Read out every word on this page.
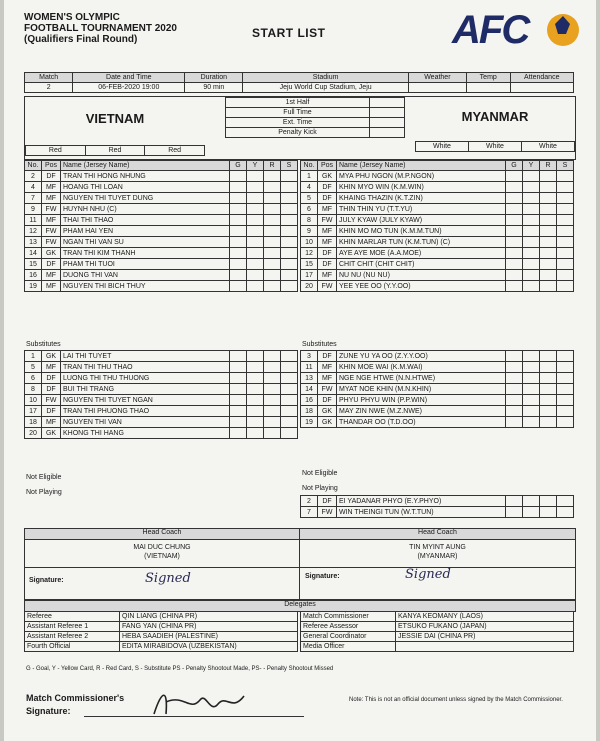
WOMEN'S OLYMPIC
FOOTBALL TOURNAMENT 2020
(Qualifiers Final Round)	START LIST	AFC
Match	Date and Time	Duration	Stadium	Weather	Temp	Attendance
2	06-FEB-2020 19:00	90 min	Jeju World Cup Stadium, Jeju			
VIETNAM	MYANMAR
1st Half	
Full Time	
Ext. Time	
Penalty Kick	
Red	Red	Red
White	White	White
No.	Pos	Name (Jersey Name)	G	Y	R	S
2	DF	TRAN THI HONG NHUNG				
4	MF	HOANG THI LOAN				
7	MF	NGUYEN THI TUYET DUNG				
9	FW	HUYNH NHU (C)				
11	MF	THAI THI THAO				
12	FW	PHAM HAI YEN				
13	FW	NGAN THI VAN SU				
14	GK	TRAN THI KIM THANH				
15	DF	PHAM THI TUOI				
16	MF	DUONG THI VAN				
19	MF	NGUYEN THI BICH THUY				
No.	Pos	Name (Jersey Name)	G	Y	R	S
1	GK	MYA PHU NGON (M.P.NGON)				
4	DF	KHIN MYO WIN (K.M.WIN)				
5	DF	KHAING THAZIN (K.T.ZIN)				
6	MF	THIN THIN YU (T.T.YU)				
8	FW	JULY KYAW (JULY KYAW)				
9	MF	KHIN MO MO TUN (K.M.M.TUN)				
10	MF	KHIN MARLAR TUN (K.M.TUN) (C)				
12	DF	AYE AYE MOE (A.A.MOE)				
15	DF	CHIT CHIT (CHIT CHIT)				
17	MF	NU NU (NU NU)				
20	FW	YEE YEE OO (Y.Y.OO)				
Substitutes	Substitutes
1	GK	LAI THI TUYET				
5	MF	TRAN THI THU THAO				
6	DF	LUONG THI THU THUONG				
8	DF	BUI THI TRANG				
10	FW	NGUYEN THI TUYET NGAN				
17	DF	TRAN THI PHUONG THAO				
18	MF	NGUYEN THI VAN				
20	GK	KHONG THI HANG				
3	DF	ZUNE YU YA OO (Z.Y.Y.OO)				
11	MF	KHIN MOE WAI (K.M.WAI)				
13	MF	NGE NGE HTWE (N.N.HTWE)				
14	FW	MYAT NOE KHIN (M.N.KHIN)				
16	DF	PHYU PHYU WIN (P.P.WIN)				
18	GK	MAY ZIN NWE (M.Z.NWE)				
19	GK	THANDAR OO (T.D.OO)				
Not Eligible
Not Playing
Not Eligible
Not Playing
2	DF	EI YADANAR PHYO (E.Y.PHYO)				
7	FW	WIN THEINGI TUN (W.T.TUN)				
Head Coach	Head Coach
MAI DUC CHUNG
(VIETNAM)
TIN MYINT AUNG
(MYANMAR)
Signature:	Signed	Signature:	Signed
Delegates
Referee	QIN LIANG (CHINA PR)
Assistant Referee 1	FANG YAN (CHINA PR)
Assistant Referee 2	HEBA SAADIEH (PALESTINE)
Fourth Official	EDITA MIRABIDOVA (UZBEKISTAN)
Match Commissioner	KANYA KEOMANY (LAOS)
Referee Assessor	ETSUKO FUKANO (JAPAN)
General Coordinator	JESSIE DAI (CHINA PR)
Media Officer	
G - Goal, Y - Yellow Card, R - Red Card, S - Substitute PS - Penalty Shootout Made, PS- - Penalty Shootout Missed
Match Commissioner's
Signature:
Note: This is not an official document unless signed by the Match Commissioner.
